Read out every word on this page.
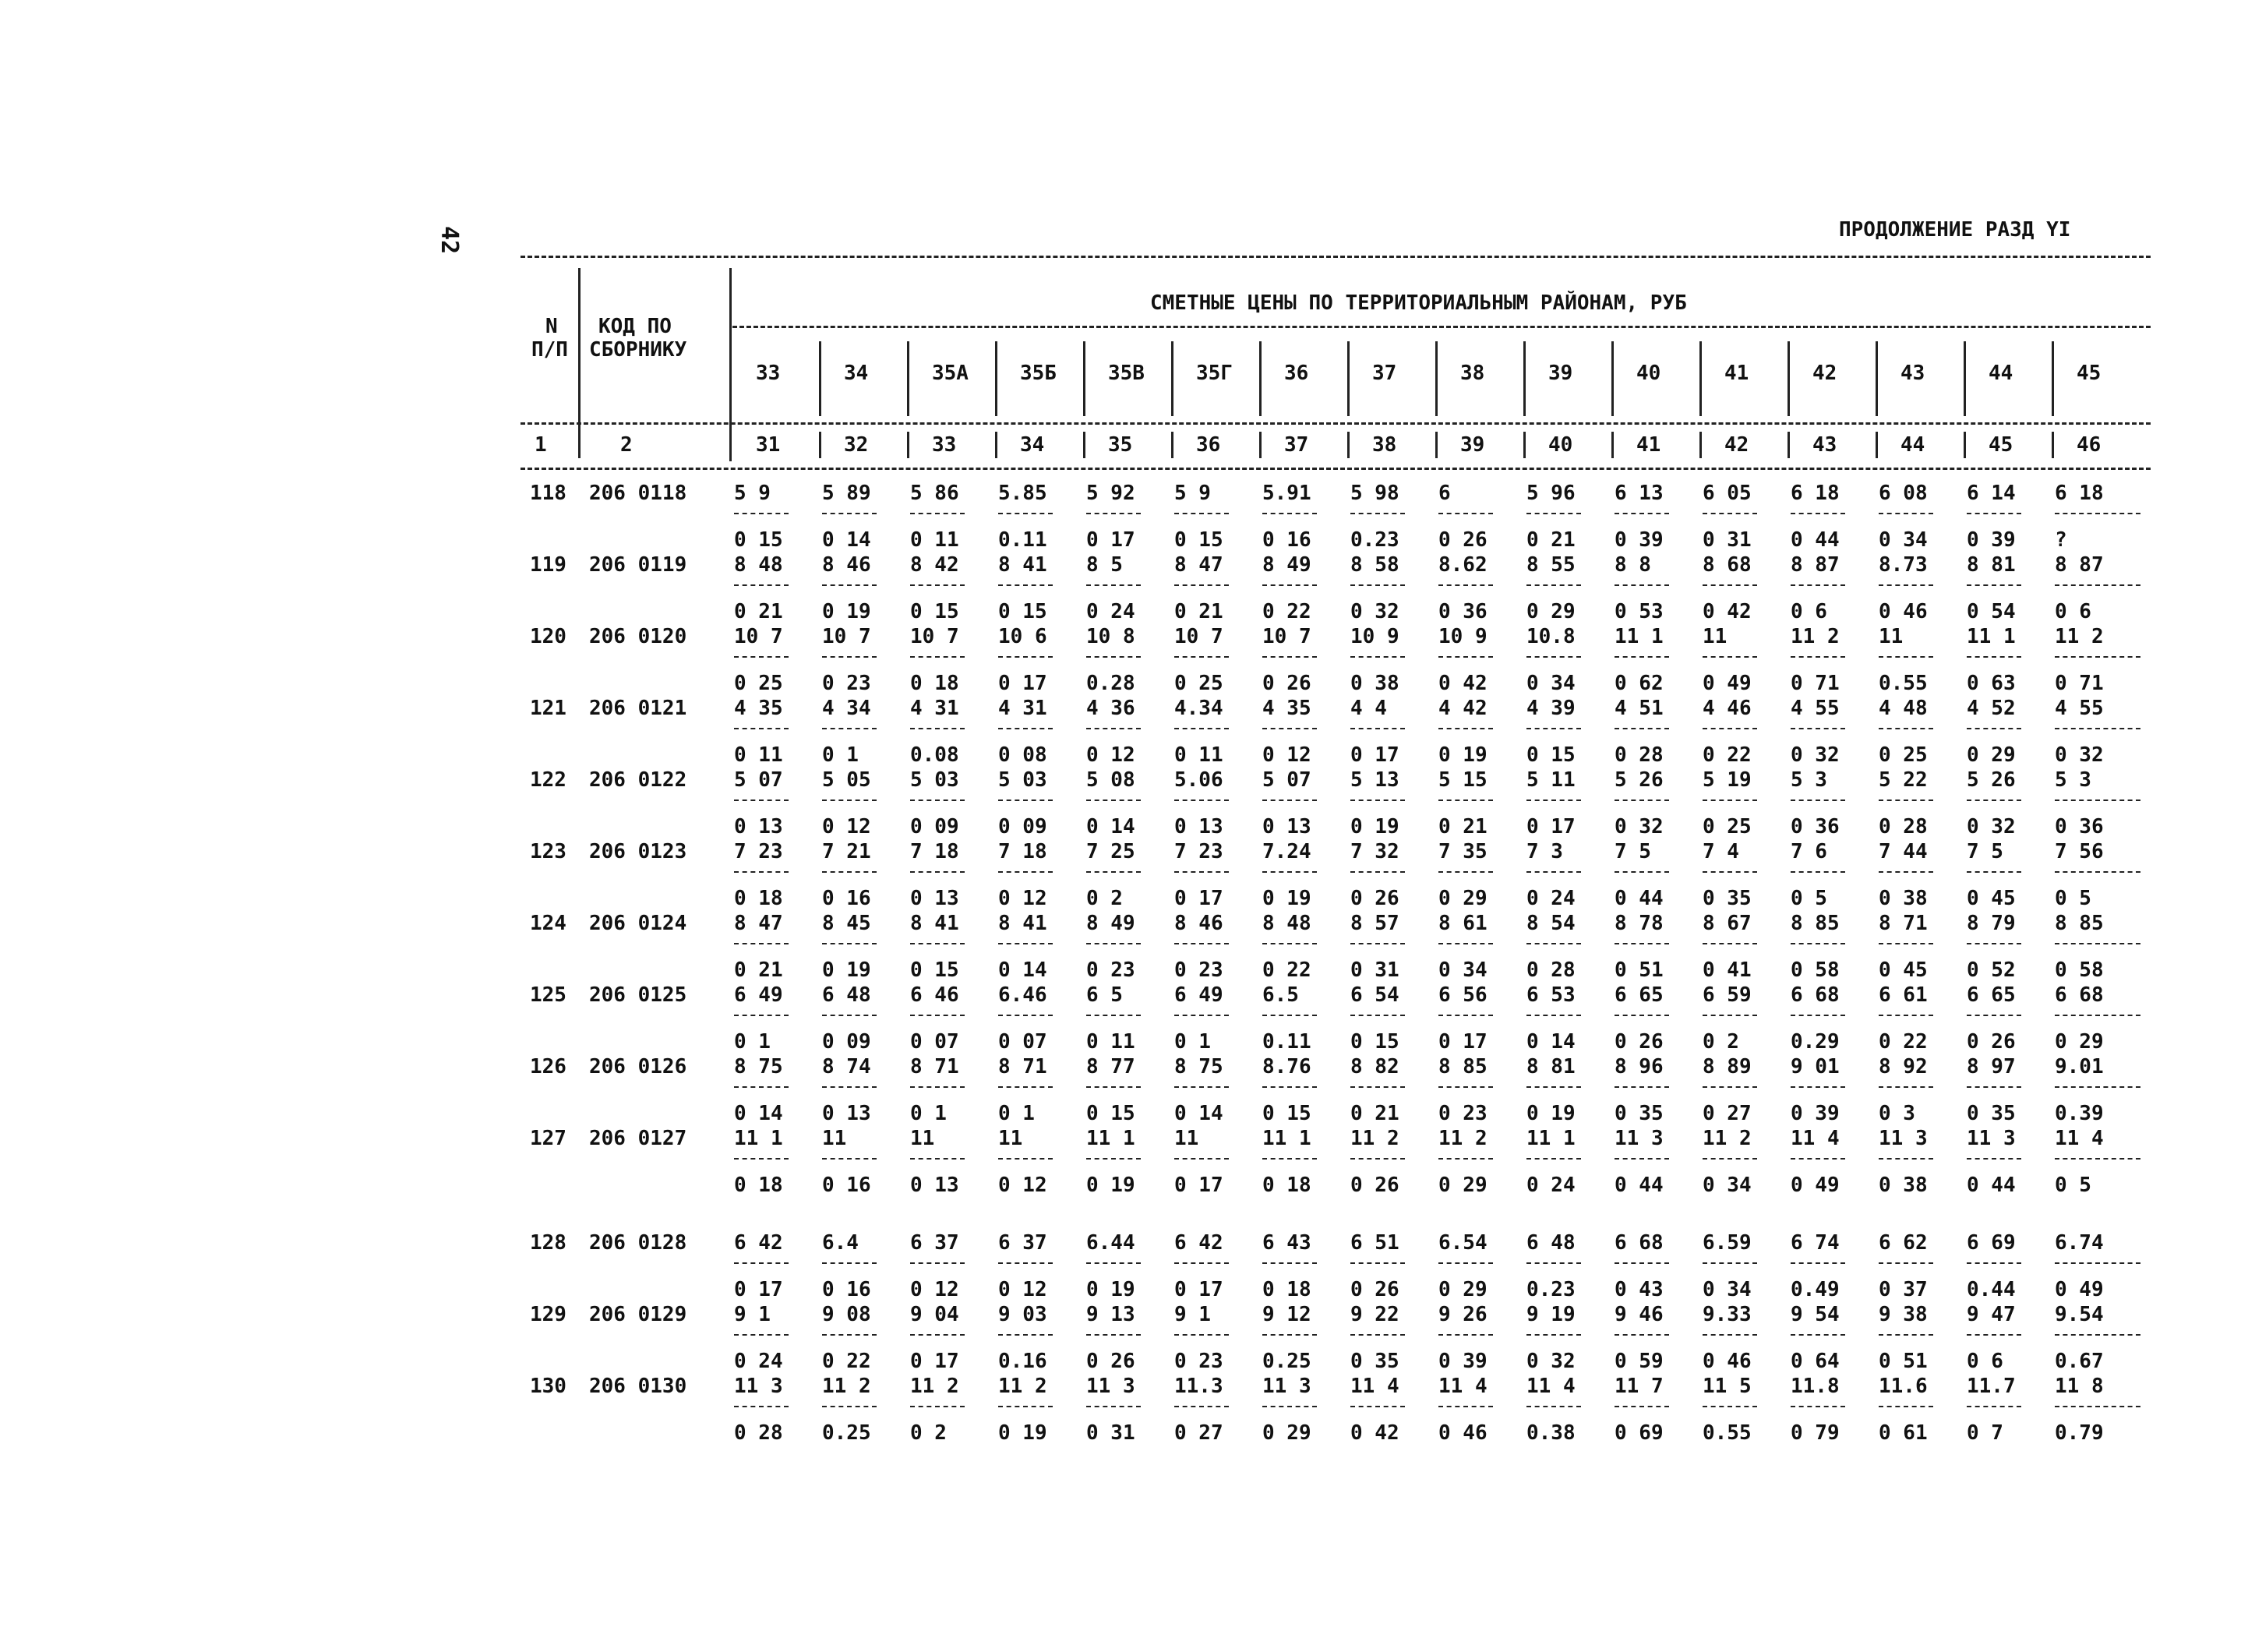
42	ПРОДОЛЖЕНИЕ РАЗД YI
N
П/П
КОД ПО
СБОРНИКУ
СМЕТНЫЕ ЦЕНЫ ПО ТЕРРИТОРИАЛЬНЫМ РАЙОНАМ, РУБ
33
31
34
32
35А
33
35Б
34
35В
35
35Г
36
36
37
37
38
38
39
39
40
40
41
41
42
42
43
43
44
44
45
45
46
1	2
118 206 0118 5 9
0 15
5 89
0 14
5 86
0 11
5.85
0.11
5 92
0 17
5 9
0 15
5.91
0 16
5 98
0.23
6
0 26
5 96
0 21
6 13
0 39
6 05
0 31
6 18
0 44
6 08
0 34
6 14
0 39
6 18
?
119 206 0119 8 48
0 21
8 46
0 19
8 42
0 15
8 41
0 15
8 5
0 24
8 47
0 21
8 49
0 22
8 58
0 32
8.62
0 36
8 55
0 29
8 8
0 53
8 68
0 42
8 87
0 6
8.73
0 46
8 81
0 54
8 87
0 6
120 206 0120 10 7
0 25
10 7
0 23
10 7
0 18
10 6
0 17
10 8
0.28
10 7
0 25
10 7
0 26
10 9
0 38
10 9
0 42
10.8
0 34
11 1
0 62
11
0 49
11 2
0 71
11
0.55
11 1
0 63
11 2
0 71
121 206 0121 4 35
0 11
4 34
0 1
4 31
0.08
4 31
0 08
4 36
0 12
4.34
0 11
4 35
0 12
4 4
0 17
4 42
0 19
4 39
0 15
4 51
0 28
4 46
0 22
4 55
0 32
4 48
0 25
4 52
0 29
4 55
0 32
122 206 0122 5 07
0 13
5 05
0 12
5 03
0 09
5 03
0 09
5 08
0 14
5.06
0 13
5 07
0 13
5 13
0 19
5 15
0 21
5 11
0 17
5 26
0 32
5 19
0 25
5 3
0 36
5 22
0 28
5 26
0 32
5 3
0 36
123 206 0123 7 23
0 18
7 21
0 16
7 18
0 13
7 18
0 12
7 25
0 2
7 23
0 17
7.24
0 19
7 32
0 26
7 35
0 29
7 3
0 24
7 5
0 44
7 4
0 35
7 6
0 5
7 44
0 38
7 5
0 45
7 56
0 5
124 206 0124 8 47
0 21
8 45
0 19
8 41
0 15
8 41
0 14
8 49
0 23
8 46
0 23
8 48
0 22
8 57
0 31
8 61
0 34
8 54
0 28
8 78
0 51
8 67
0 41
8 85
0 58
8 71
0 45
8 79
0 52
8 85
0 58
125 206 0125 6 49
0 1
6 48
0 09
6 46
0 07
6.46
0 07
6 5
0 11
6 49
0 1
6.5
0.11
6 54
0 15
6 56
0 17
6 53
0 14
6 65
0 26
6 59
0 2
6 68
0.29
6 61
0 22
6 65
0 26
6 68
0 29
126 206 0126 8 75
0 14
8 74
0 13
8 71
0 1
8 71
0 1
8 77
0 15
8 75
0 14
8.76
0 15
8 82
0 21
8 85
0 23
8 81
0 19
8 96
0 35
8 89
0 27
9 01
0 39
8 92
0 3
8 97
0 35
9.01
0.39
127 206 0127 11 1
0 18
11
0 16
11
0 13
11
0 12
11 1
0 19
11
0 17
11 1
0 18
11 2
0 26
11 2
0 29
11 1
0 24
11 3
0 44
11 2
0 34
11 4
0 49
11 3
0 38
11 3
0 44
11 4
0 5
128 206 0128 6 42
0 17
6.4
0 16
6 37
0 12
6 37
0 12
6.44
0 19
6 42
0 17
6 43
0 18
6 51
0 26
6.54
0 29
6 48
0.23
6 68
0 43
6.59
0 34
6 74
0.49
6 62
0 37
6 69
0.44
6.74
0 49
129 206 0129 9 1
0 24
9 08
0 22
9 04
0 17
9 03
0.16
9 13
0 26
9 1
0 23
9 12
0.25
9 22
0 35
9 26
0 39
9 19
0 32
9 46
0 59
9.33
0 46
9 54
0 64
9 38
0 51
9 47
0 6
9.54
0.67
130 206 0130 11 3
0 28
11 2
0.25
11 2
0 2
11 2
0 19
11 3
0 31
11.3
0 27
11 3
0 29
11 4
0 42
11 4
0 46
11 4
0.38
11 7
0 69
11 5
0.55
11.8
0 79
11.6
0 61
11.7
0 7
11 8
0.79
